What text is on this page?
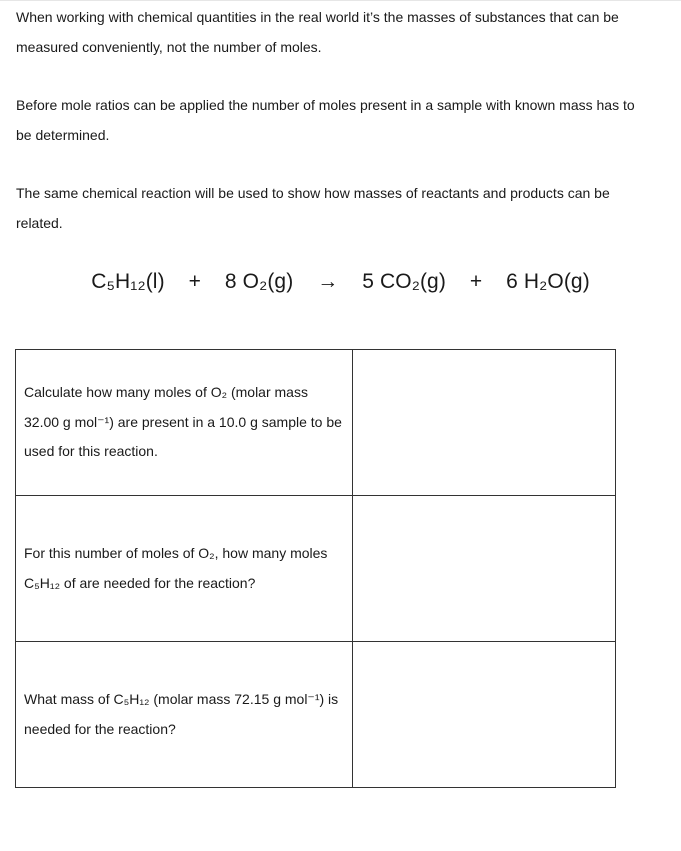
When working with chemical quantities in the real world it’s the masses of substances that can be measured conveniently, not the number of moles.

Before mole ratios can be applied the number of moles present in a sample with known mass has to be determined.

The same chemical reaction will be used to show how masses of reactants and products can be related.

C₅H₁₂(l) + 8 O₂(g) → 5 CO₂(g) + 6 H₂O(g)

Calculate how many moles of O₂ (molar mass 32.00 g mol⁻¹) are present in a 10.0 g sample to be used for this reaction.	

For this number of moles of O₂, how many moles C₅H₁₂ of are needed for the reaction?	

What mass of C₅H₁₂ (molar mass 72.15 g mol⁻¹) is needed for the reaction?	
